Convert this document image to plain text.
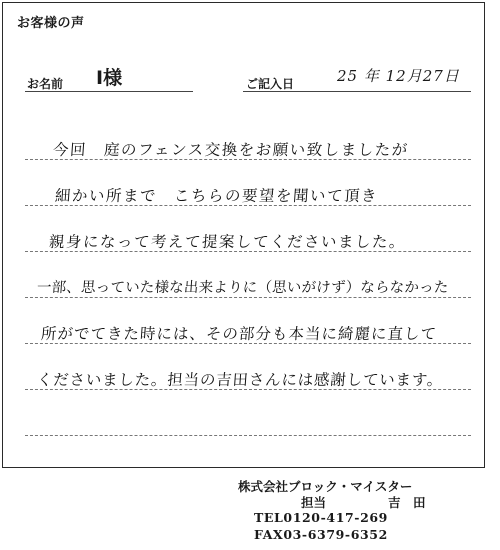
お客様の声
お名前 I様	ご記入日	25 年 12月27日
今回　庭のフェンス交換をお願い致しましたが
細かい所まで　こちらの要望を聞いて頂き
親身になって考えて提案してくださいました。
一部、思っていた様な出来よりに（思いがけず）ならなかった
所がでてきた時には、その部分も本当に綺麗に直して
くださいました。担当の吉田さんには感謝しています。
株式会社ブロック・マイスター
担当	吉　田
TEL0120-417-269
FAX03-6379-6352
